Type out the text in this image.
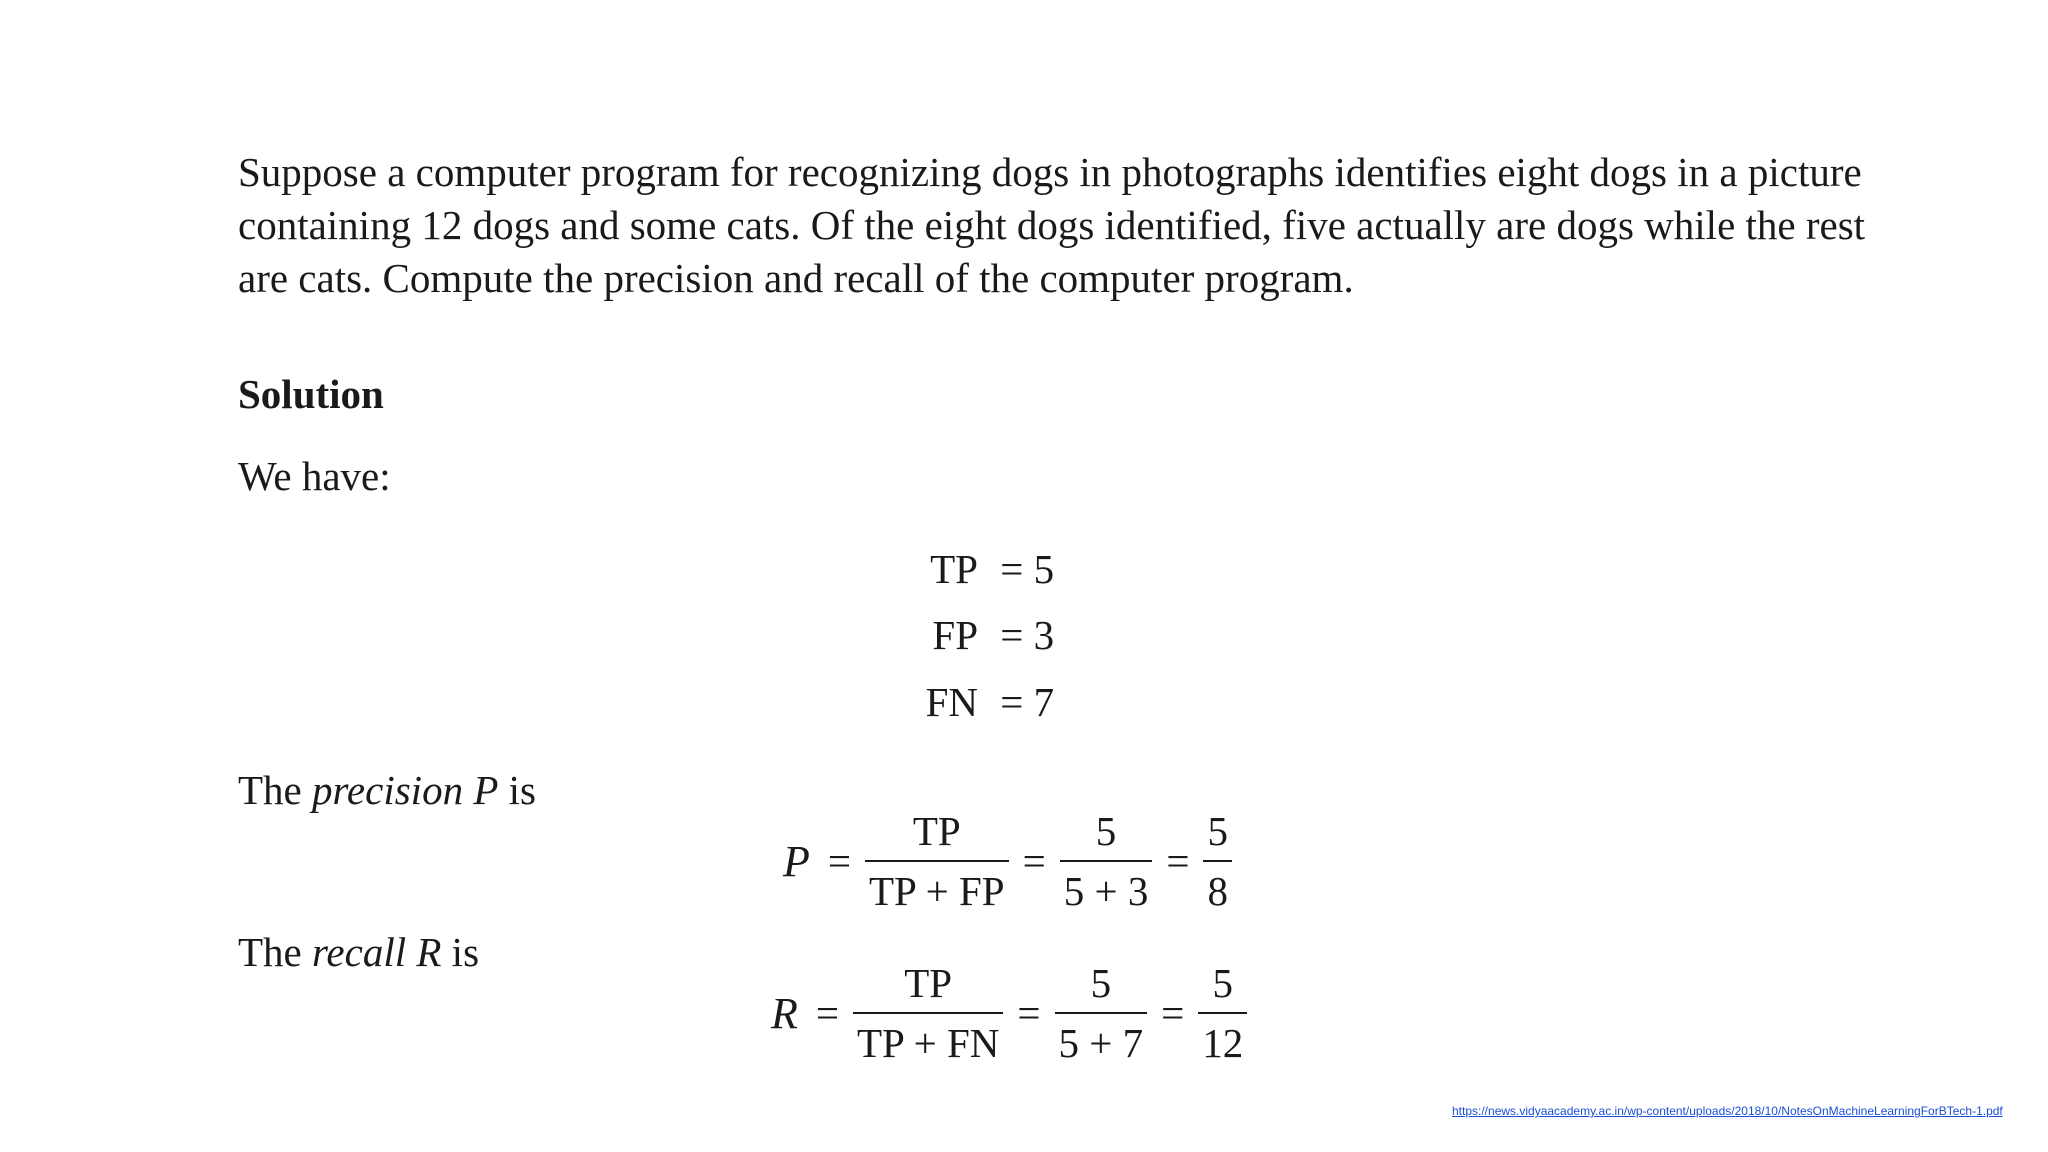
Suppose a computer program for recognizing dogs in photographs identifies eight dogs in a picture
containing 12 dogs and some cats. Of the eight dogs identified, five actually are dogs while the rest
are cats. Compute the precision and recall of the computer program.
Solution
We have:
TP = 5
FP = 3
FN = 7
The precision P is
$P = \frac{TP}{TP + FP} = \frac{5}{5 + 3} = \frac{5}{8}$
The recall R is
$R = \frac{TP}{TP + FN} = \frac{5}{5 + 7} = \frac{5}{12}$
https://news.vidyaacademy.ac.in/wp-content/uploads/2018/10/NotesOnMachineLearningForBTech-1.pdf
